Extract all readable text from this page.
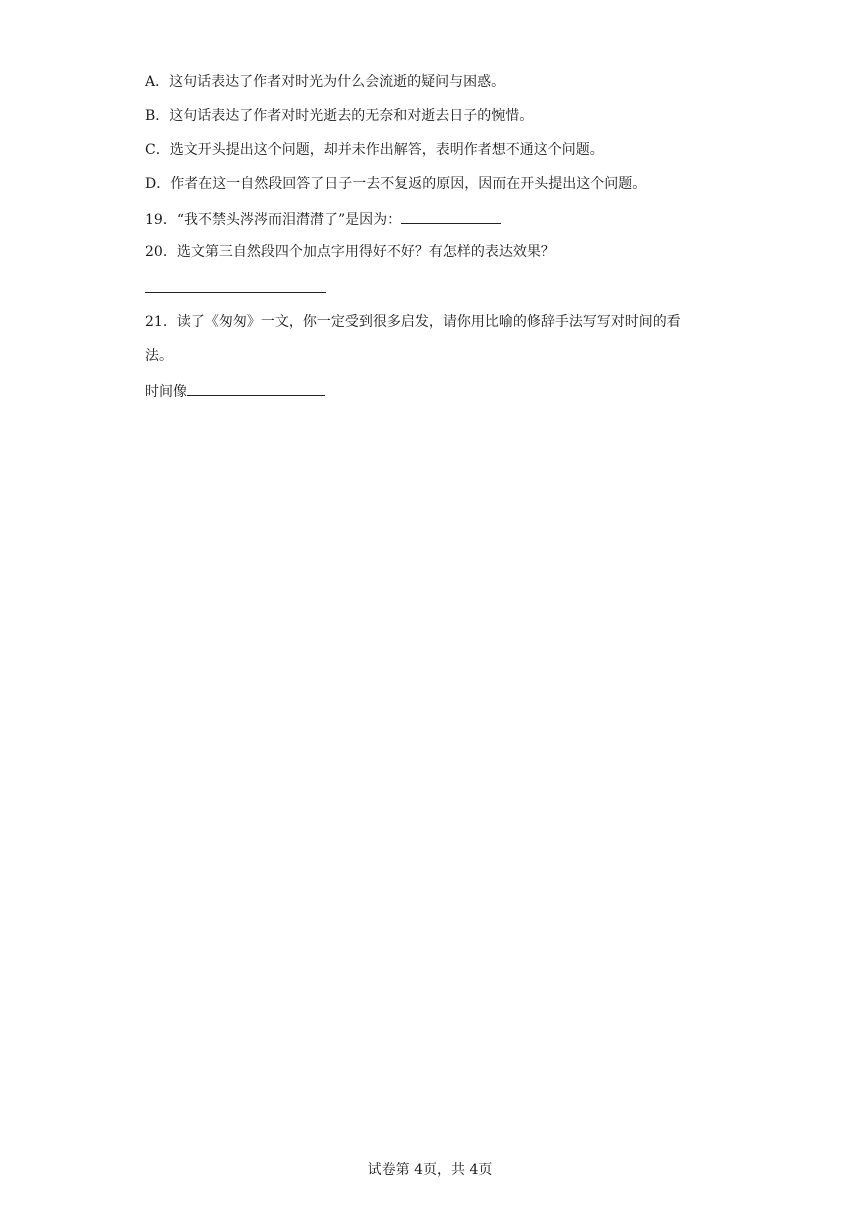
A．这句话表达了作者对时光为什么会流逝的疑问与困惑。
B．这句话表达了作者对时光逝去的无奈和对逝去日子的惋惜。
C．选文开头提出这个问题，却并未作出解答，表明作者想不通这个问题。
D．作者在这一自然段回答了日子一去不复返的原因，因而在开头提出这个问题。
19．“我不禁头涔涔而泪潸潸了”是因为：
20．选文第三自然段四个加点字用得好不好？有怎样的表达效果？
21．读了《匆匆》一文，你一定受到很多启发，请你用比喻的修辞手法写写对时间的看
法。
时间像
试卷第 4页，共 4页
